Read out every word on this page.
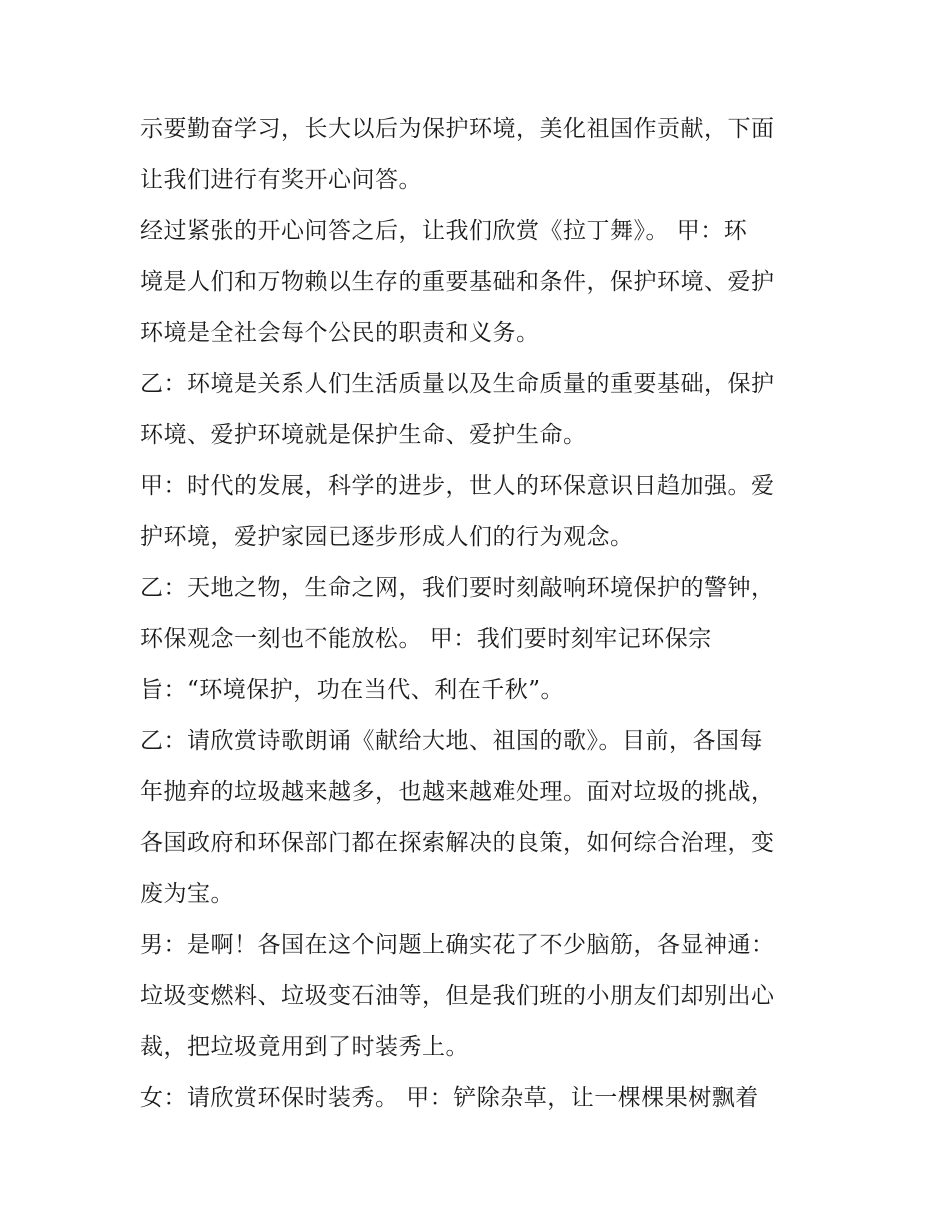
示要勤奋学习，长大以后为保护环境，美化祖国作贡献，下面
让我们进行有奖开心问答。
经过紧张的开心问答之后，让我们欣赏《拉丁舞》。 甲：环
境是人们和万物赖以生存的重要基础和条件，保护环境、爱护
环境是全社会每个公民的职责和义务。
乙：环境是关系人们生活质量以及生命质量的重要基础，保护
环境、爱护环境就是保护生命、爱护生命。
甲：时代的发展，科学的进步，世人的环保意识日趋加强。爱
护环境，爱护家园已逐步形成人们的行为观念。
乙：天地之物，生命之网，我们要时刻敲响环境保护的警钟，
环保观念一刻也不能放松。 甲：我们要时刻牢记环保宗
旨：“环境保护，功在当代、利在千秋”。
乙：请欣赏诗歌朗诵《献给大地、祖国的歌》。目前，各国每
年抛弃的垃圾越来越多，也越来越难处理。面对垃圾的挑战，
各国政府和环保部门都在探索解决的良策，如何综合治理，变
废为宝。
男：是啊！各国在这个问题上确实花了不少脑筋，各显神通：
垃圾变燃料、垃圾变石油等，但是我们班的小朋友们却别出心
裁，把垃圾竟用到了时装秀上。
女：请欣赏环保时装秀。 甲：铲除杂草，让一棵棵果树飘着
